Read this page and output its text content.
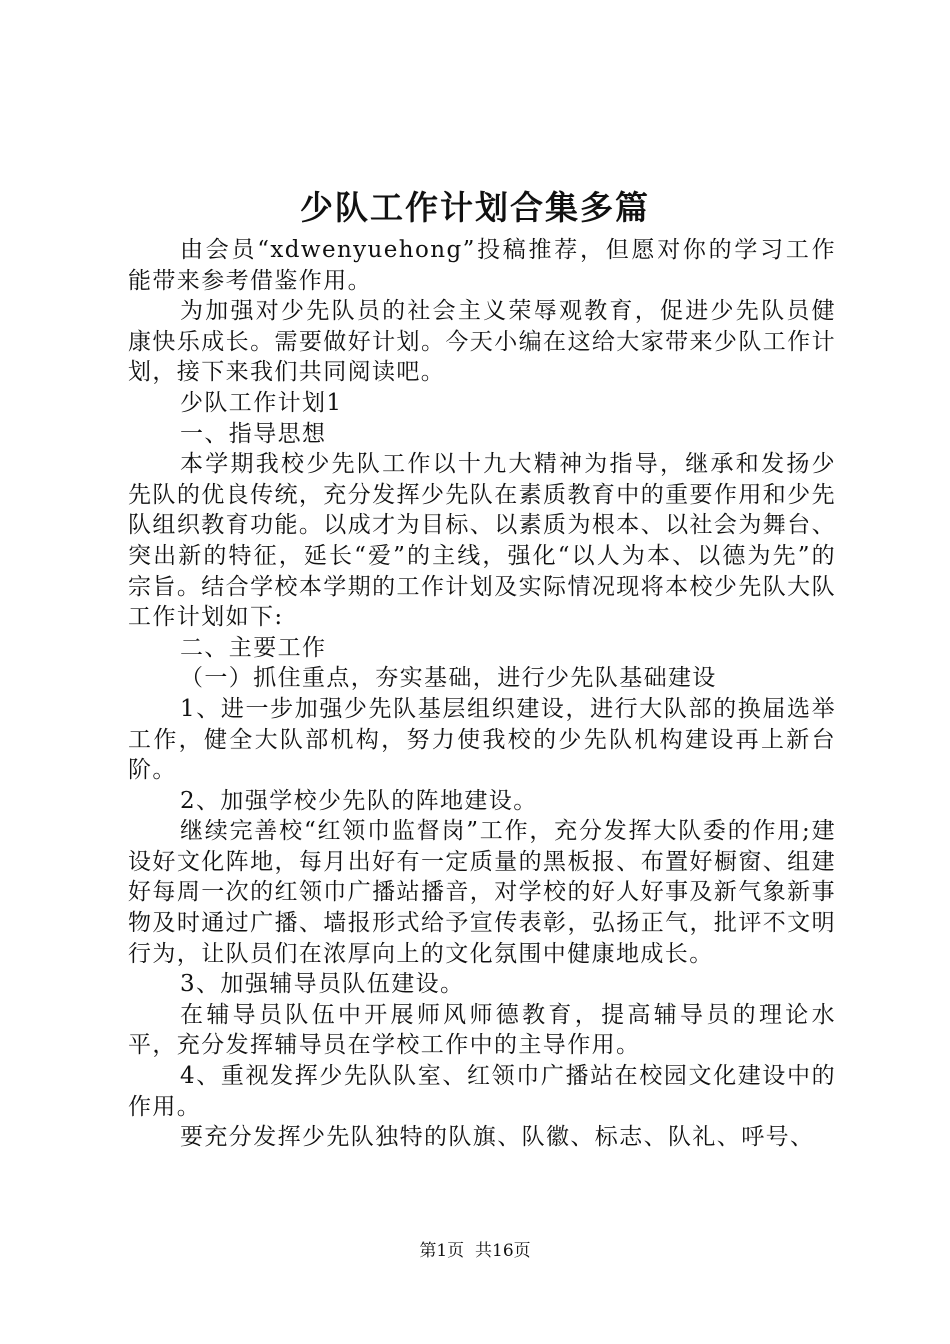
少队工作计划合集多篇

由会员“xdwenyuehong”投稿推荐，但愿对你的学习工作能带来参考借鉴作用。

为加强对少先队员的社会主义荣辱观教育，促进少先队员健康快乐成长。需要做好计划。今天小编在这给大家带来少队工作计划，接下来我们共同阅读吧。

少队工作计划1

一、指导思想

本学期我校少先队工作以十九大精神为指导，继承和发扬少先队的优良传统，充分发挥少先队在素质教育中的重要作用和少先队组织教育功能。以成才为目标、以素质为根本、以社会为舞台、突出新的特征，延长“爱”的主线，强化“以人为本、以德为先”的宗旨。结合学校本学期的工作计划及实际情况现将本校少先队大队工作计划如下:

二、主要工作

（一）抓住重点，夯实基础，进行少先队基础建设

1、进一步加强少先队基层组织建设，进行大队部的换届选举工作，健全大队部机构，努力使我校的少先队机构建设再上新台阶。

2、加强学校少先队的阵地建设。

继续完善校“红领巾监督岗”工作，充分发挥大队委的作用;建设好文化阵地，每月出好有一定质量的黑板报、布置好橱窗、组建好每周一次的红领巾广播站播音，对学校的好人好事及新气象新事物及时通过广播、墙报形式给予宣传表彰，弘扬正气，批评不文明行为，让队员们在浓厚向上的文化氛围中健康地成长。

3、加强辅导员队伍建设。

在辅导员队伍中开展师风师德教育，提高辅导员的理论水平，充分发挥辅导员在学校工作中的主导作用。

4、重视发挥少先队队室、红领巾广播站在校园文化建设中的作用。

要充分发挥少先队独特的队旗、队徽、标志、队礼、呼号、

第1页 共16页
